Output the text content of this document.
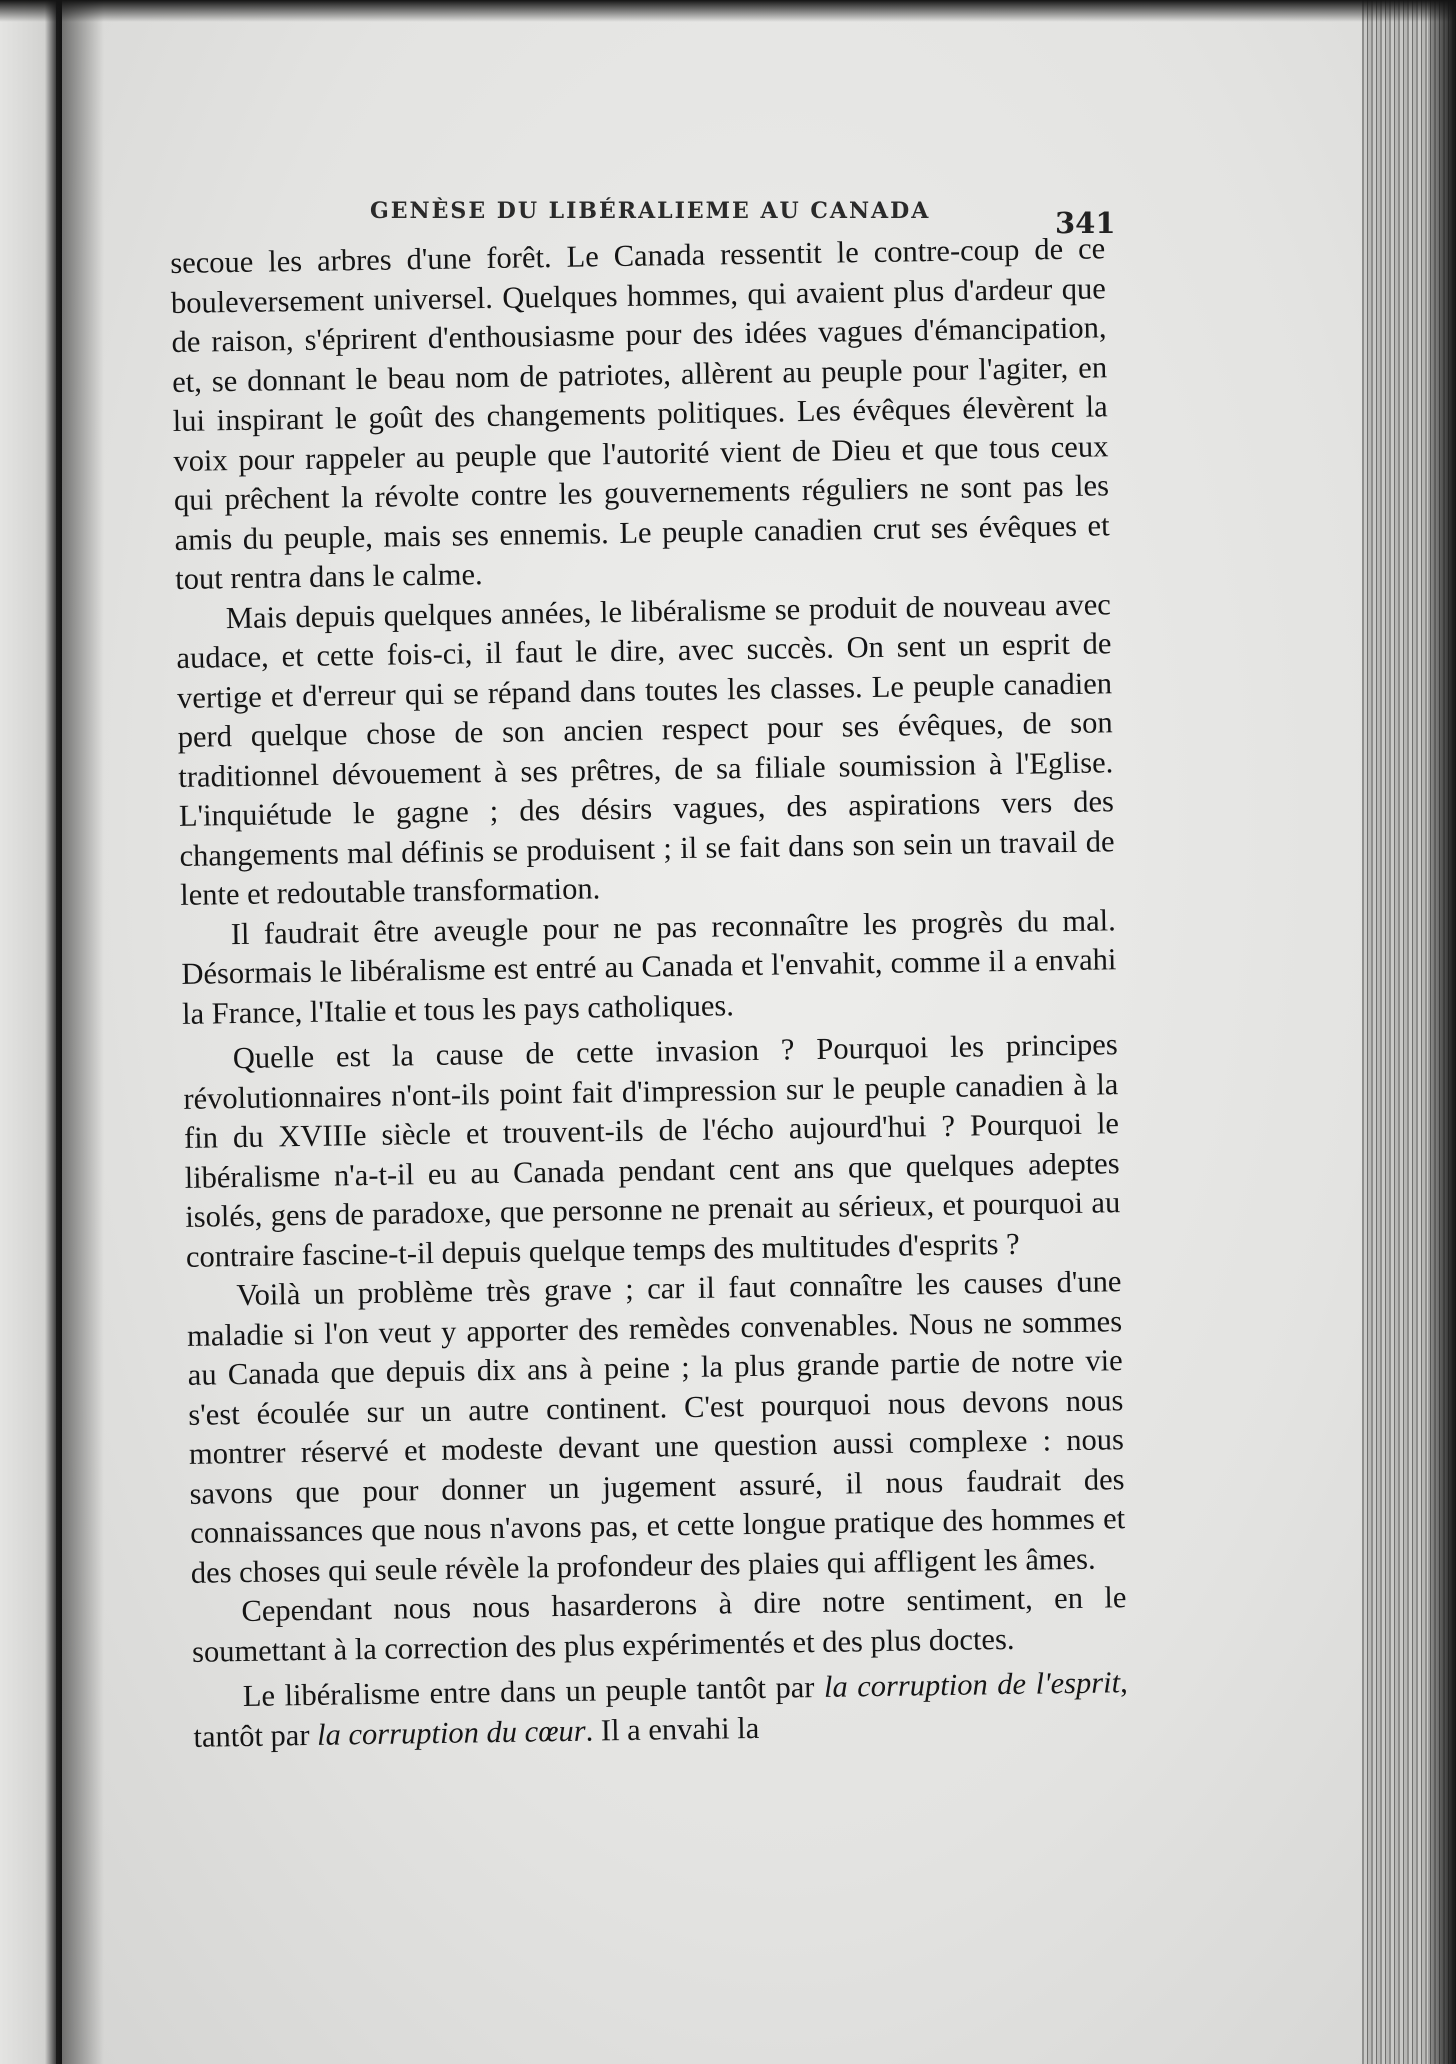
GENÈSE DU LIBÉRALIEME AU CANADA	341

secoue les arbres d'une forêt. Le Canada ressentit le contre-coup de ce bouleversement universel. Quelques hommes, qui avaient plus d'ardeur que de raison, s'éprirent d'enthousiasme pour des idées vagues d'émancipation, et, se donnant le beau nom de patriotes, allèrent au peuple pour l'agiter, en lui inspirant le goût des changements politiques. Les évêques élevèrent la voix pour rappeler au peuple que l'autorité vient de Dieu et que tous ceux qui prêchent la révolte contre les gouvernements réguliers ne sont pas les amis du peuple, mais ses ennemis. Le peuple canadien crut ses évêques et tout rentra dans le calme.

Mais depuis quelques années, le libéralisme se produit de nouveau avec audace, et cette fois-ci, il faut le dire, avec succès. On sent un esprit de vertige et d'erreur qui se répand dans toutes les classes. Le peuple canadien perd quelque chose de son ancien respect pour ses évêques, de son traditionnel dévouement à ses prêtres, de sa filiale soumission à l'Eglise. L'inquiétude le gagne ; des désirs vagues, des aspirations vers des changements mal définis se produisent ; il se fait dans son sein un travail de lente et redoutable transformation.

Il faudrait être aveugle pour ne pas reconnaître les progrès du mal. Désormais le libéralisme est entré au Canada et l'envahit, comme il a envahi la France, l'Italie et tous les pays catholiques.

Quelle est la cause de cette invasion ? Pourquoi les principes révolutionnaires n'ont-ils point fait d'impression sur le peuple canadien à la fin du XVIIIe siècle et trouvent-ils de l'écho aujourd'hui ? Pourquoi le libéralisme n'a-t-il eu au Canada pendant cent ans que quelques adeptes isolés, gens de paradoxe, que personne ne prenait au sérieux, et pourquoi au contraire fascine-t-il depuis quelque temps des multitudes d'esprits ?

Voilà un problème très grave ; car il faut connaître les causes d'une maladie si l'on veut y apporter des remèdes convenables. Nous ne sommes au Canada que depuis dix ans à peine ; la plus grande partie de notre vie s'est écoulée sur un autre continent. C'est pourquoi nous devons nous montrer réservé et modeste devant une question aussi complexe : nous savons que pour donner un jugement assuré, il nous faudrait des connaissances que nous n'avons pas, et cette longue pratique des hommes et des choses qui seule révèle la profondeur des plaies qui affligent les âmes.

Cependant nous nous hasarderons à dire notre sentiment, en le soumettant à la correction des plus expérimentés et des plus doctes.

Le libéralisme entre dans un peuple tantôt par la corruption de l'esprit, tantôt par la corruption du cœur. Il a envahi la
